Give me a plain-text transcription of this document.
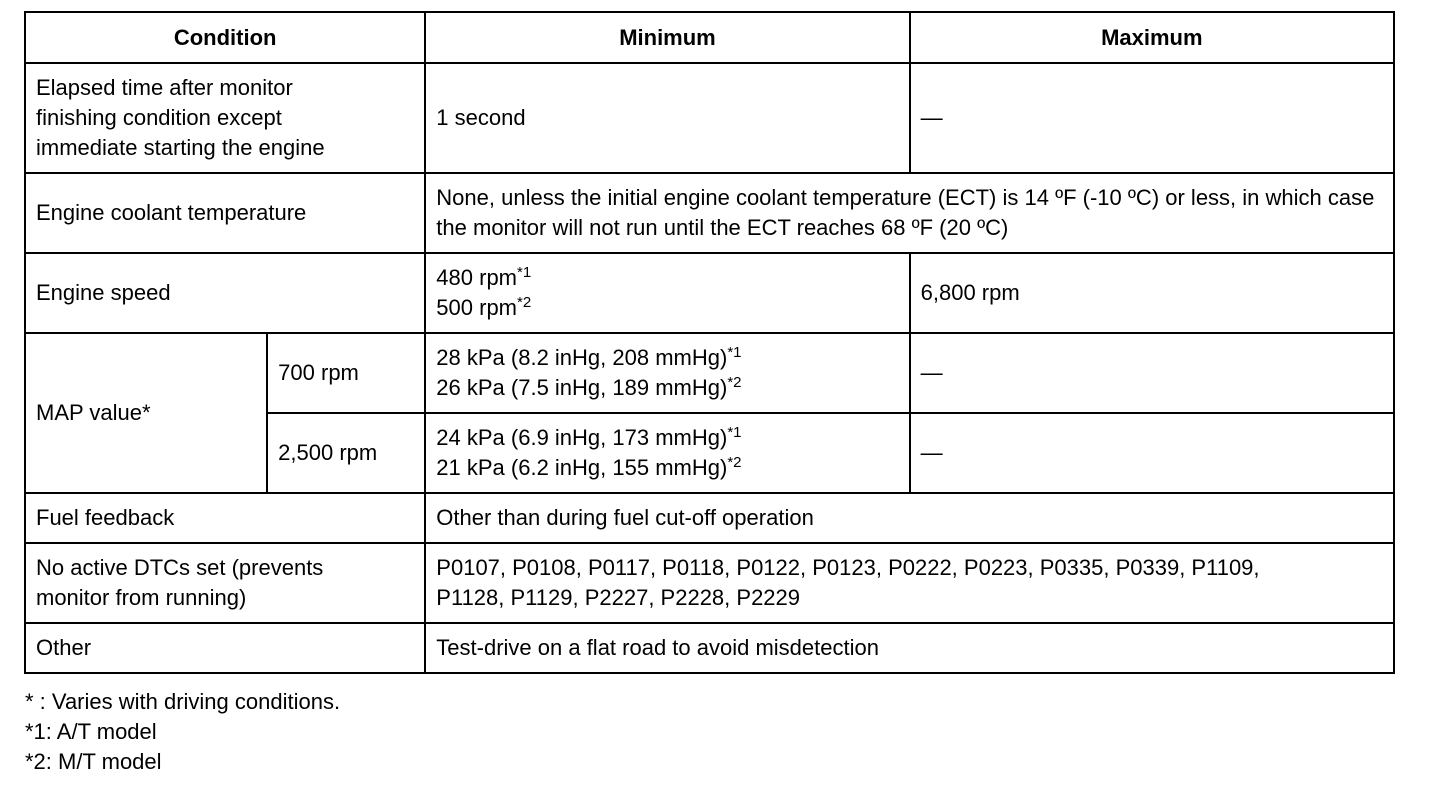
Condition		Minimum	Maximum

Elapsed time after monitor
finishing condition except
immediate starting the engine		1 second	—
Engine coolant temperature		None, unless the initial engine coolant temperature (ECT) is 14 ºF (-10 ºC) or less, in which case the monitor will not run until the ECT reaches 68 ºF (20 ºC)	

Engine speed		480 rpm$^{*1}$
500 rpm$^{*2}$	6,800 rpm
MAP value*	700 rpm	28 kPa (8.2 inHg, 208 mmHg)$^{*1}$
26 kPa (7.5 inHg, 189 mmHg)$^{*2}$	—
	2,500 rpm	24 kPa (6.9 inHg, 173 mmHg)$^{*1}$
21 kPa (6.2 inHg, 155 mmHg)$^{*2}$	—
Fuel feedback		Other than during fuel cut-off operation	

No active DTCs set (prevents
monitor from running)		P0107, P0108, P0117, P0118, P0122, P0123, P0222, P0223, P0335, P0339, P1109,
P1128, P1129, P2227, P2228, P2229	

Other		Test-drive on a flat road to avoid misdetection	
* : Varies with driving conditions.
*1: A/T model
*2: M/T model
